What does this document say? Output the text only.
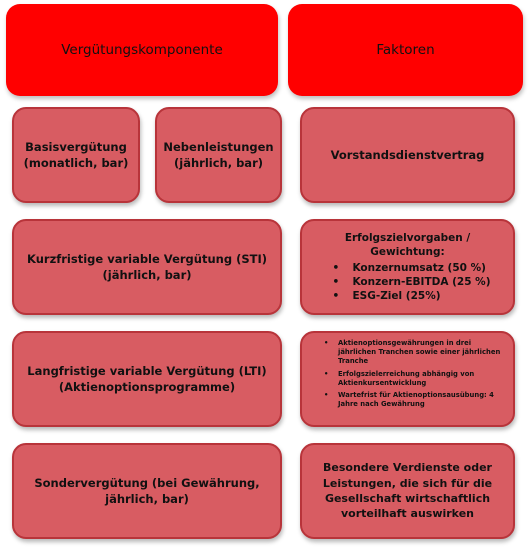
Vergütungskomponente	Faktoren
Basisvergütung
(monatlich, bar)
Nebenleistungen
(jährlich, bar)
Vorstandsdienstvertrag
Kurzfristige variable Vergütung (STI)
(jährlich, bar)
Erfolgszielvorgaben / Gewichtung:
• Konzernumsatz (50 %)
• Konzern-EBITDA (25 %)
• ESG-Ziel (25%)
Langfristige variable Vergütung (LTI)
(Aktienoptionsprogramme)
• Aktienoptionsgewährungen in drei jährlichen Tranchen sowie einer jährlichen Tranche
• Erfolgszielerreichung abhängig von Aktienkursentwicklung
• Wartefrist für Aktienoptionsausübung: 4 Jahre nach Gewährung
Sondervergütung (bei Gewährung,
jährlich, bar)
Besondere Verdienste oder
Leistungen, die sich für die
Gesellschaft wirtschaftlich
vorteilhaft auswirken
